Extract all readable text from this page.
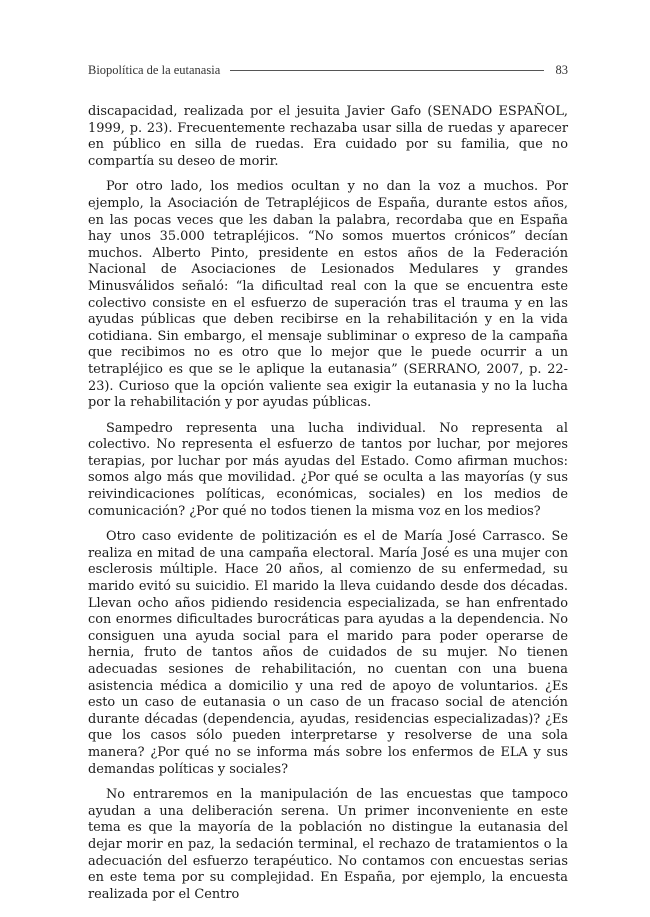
Biopolítica de la eutanasia	83

discapacidad, realizada por el jesuita Javier Gafo (SENADO ESPAÑOL, 1999, p. 23). Frecuentemente rechazaba usar silla de ruedas y aparecer en público en silla de ruedas. Era cuidado por su familia, que no compartía su deseo de morir.

Por otro lado, los medios ocultan y no dan la voz a muchos. Por ejemplo, la Asociación de Tetrapléjicos de España, durante estos años, en las pocas veces que les daban la palabra, recordaba que en España hay unos 35.000 tetrapléjicos. “No somos muertos crónicos” decían muchos. Alberto Pinto, presidente en estos años de la Federación Nacional de Asociaciones de Lesionados Medulares y grandes Minusválidos señaló: “la dificultad real con la que se encuentra este colectivo consiste en el esfuerzo de superación tras el trauma y en las ayudas públicas que deben recibirse en la rehabilitación y en la vida cotidiana. Sin embargo, el mensaje subliminar o expreso de la campaña que recibimos no es otro que lo mejor que le puede ocurrir a un tetrapléjico es que se le aplique la eutanasia” (SERRANO, 2007, p. 22-23). Curioso que la opción valiente sea exigir la eutanasia y no la lucha por la rehabilitación y por ayudas públicas.

Sampedro representa una lucha individual. No representa al colectivo. No representa el esfuerzo de tantos por luchar, por mejores terapias, por luchar por más ayudas del Estado. Como afirman muchos: somos algo más que movilidad. ¿Por qué se oculta a las mayorías (y sus reivindicaciones políticas, económicas, sociales) en los medios de comunicación? ¿Por qué no todos tienen la misma voz en los medios?

Otro caso evidente de politización es el de María José Carrasco. Se realiza en mitad de una campaña electoral. María José es una mujer con esclerosis múltiple. Hace 20 años, al comienzo de su enfermedad, su marido evitó su suicidio. El marido la lleva cuidando desde dos décadas. Llevan ocho años pidiendo residencia especializada, se han enfrentado con enormes dificultades burocráticas para ayudas a la dependencia. No consiguen una ayuda social para el marido para poder operarse de hernia, fruto de tantos años de cuidados de su mujer. No tienen adecuadas sesiones de rehabilitación, no cuentan con una buena asistencia médica a domicilio y una red de apoyo de voluntarios. ¿Es esto un caso de eutanasia o un caso de un fracaso social de atención durante décadas (dependencia, ayudas, residencias especializadas)? ¿Es que los casos sólo pueden interpretarse y resolverse de una sola manera? ¿Por qué no se informa más sobre los enfermos de ELA y sus demandas políticas y sociales?

No entraremos en la manipulación de las encuestas que tampoco ayudan a una deliberación serena. Un primer inconveniente en este tema es que la mayoría de la población no distingue la eutanasia del dejar morir en paz, la sedación terminal, el rechazo de tratamientos o la adecuación del esfuerzo terapéutico. No contamos con encuestas serias en este tema por su complejidad. En España, por ejemplo, la encuesta realizada por el Centro
